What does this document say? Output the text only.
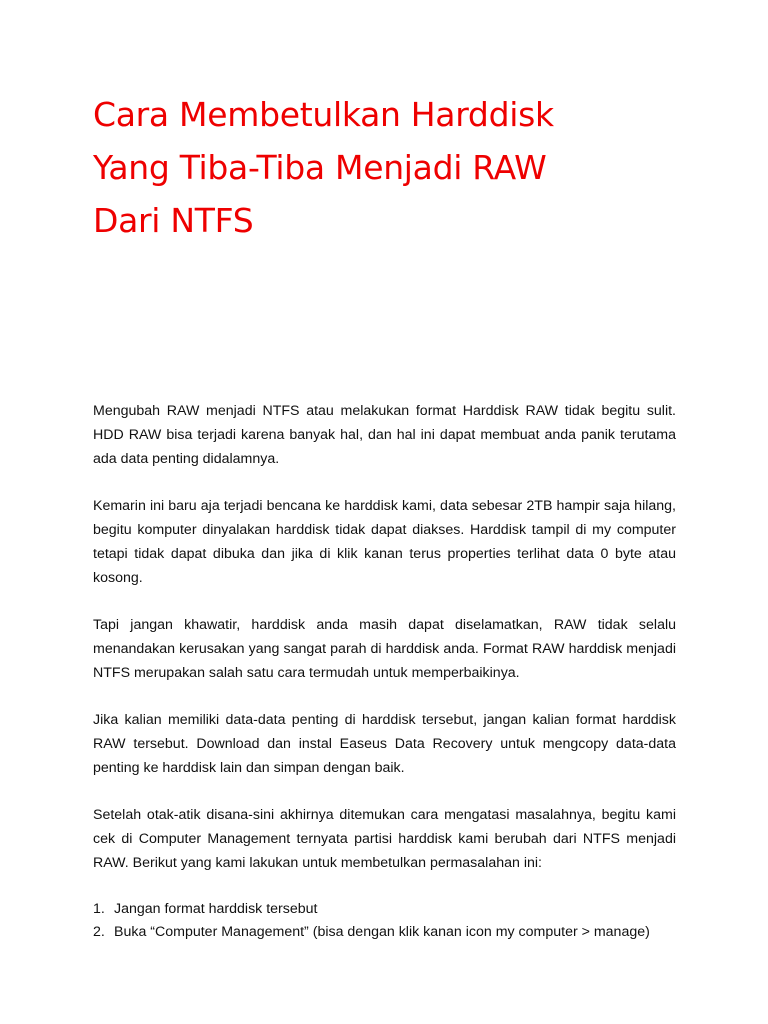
Cara Membetulkan Harddisk
Yang Tiba-Tiba Menjadi RAW
Dari NTFS

Mengubah RAW menjadi NTFS atau melakukan format Harddisk RAW tidak begitu sulit. HDD RAW bisa terjadi karena banyak hal, dan hal ini dapat membuat anda panik terutama ada data penting didalamnya.

Kemarin ini baru aja terjadi bencana ke harddisk kami, data sebesar 2TB hampir saja hilang, begitu komputer dinyalakan harddisk tidak dapat diakses. Harddisk tampil di my computer tetapi tidak dapat dibuka dan jika di klik kanan terus properties terlihat data 0 byte atau kosong.

Tapi jangan khawatir, harddisk anda masih dapat diselamatkan, RAW tidak selalu menandakan kerusakan yang sangat parah di harddisk anda. Format RAW harddisk menjadi NTFS merupakan salah satu cara termudah untuk memperbaikinya.

Jika kalian memiliki data-data penting di harddisk tersebut, jangan kalian format harddisk RAW tersebut. Download dan instal Easeus Data Recovery untuk mengcopy data-data penting ke harddisk lain dan simpan dengan baik.

Setelah otak-atik disana-sini akhirnya ditemukan cara mengatasi masalahnya, begitu kami cek di Computer Management ternyata partisi harddisk kami berubah dari NTFS menjadi RAW. Berikut yang kami lakukan untuk membetulkan permasalahan ini:

1. Jangan format harddisk tersebut
2. Buka “Computer Management” (bisa dengan klik kanan icon my computer > manage)
